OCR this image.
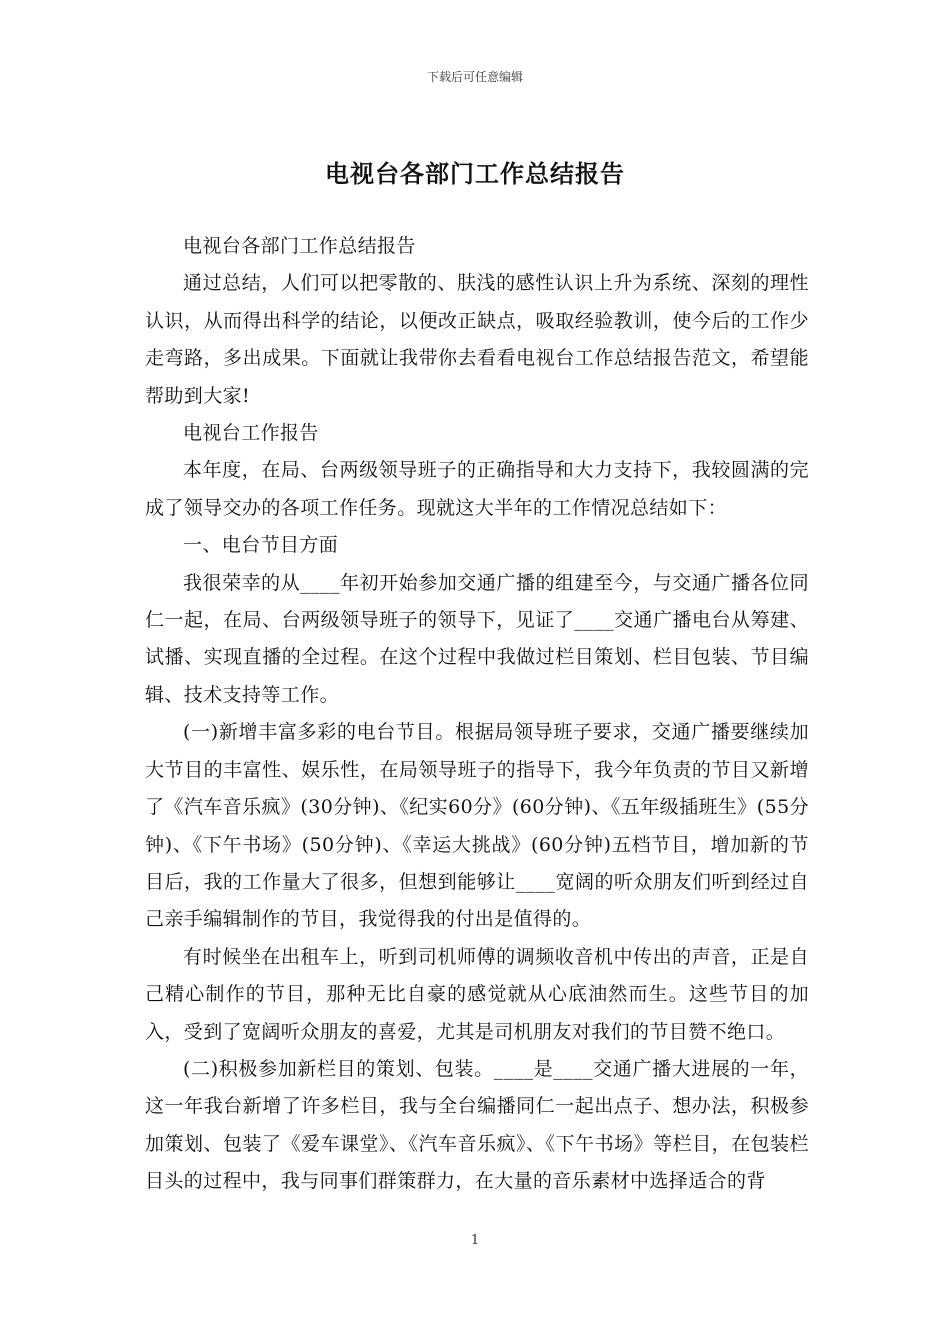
下载后可任意编辑
电视台各部门工作总结报告

电视台各部门工作总结报告

通过总结，人们可以把零散的、肤浅的感性认识上升为系统、深刻的理性认识，从而得出科学的结论，以便改正缺点，吸取经验教训，使今后的工作少走弯路，多出成果。下面就让我带你去看看电视台工作总结报告范文，希望能帮助到大家!

电视台工作报告

本年度，在局、台两级领导班子的正确指导和大力支持下，我较圆满的完成了领导交办的各项工作任务。现就这大半年的工作情况总结如下：

一、电台节目方面

我很荣幸的从____年初开始参加交通广播的组建至今，与交通广播各位同仁一起，在局、台两级领导班子的领导下，见证了____交通广播电台从筹建、试播、实现直播的全过程。在这个过程中我做过栏目策划、栏目包装、节目编辑、技术支持等工作。

(一)新增丰富多彩的电台节目。根据局领导班子要求，交通广播要继续加大节目的丰富性、娱乐性，在局领导班子的指导下，我今年负责的节目又新增了《汽车音乐疯》(30分钟)、《纪实60分》(60分钟)、《五年级插班生》(55分钟)、《下午书场》(50分钟)、《幸运大挑战》(60分钟)五档节目，增加新的节目后，我的工作量大了很多，但想到能够让____宽阔的听众朋友们听到经过自己亲手编辑制作的节目，我觉得我的付出是值得的。

有时候坐在出租车上，听到司机师傅的调频收音机中传出的声音，正是自己精心制作的节目，那种无比自豪的感觉就从心底油然而生。这些节目的加入，受到了宽阔听众朋友的喜爱，尤其是司机朋友对我们的节目赞不绝口。

(二)积极参加新栏目的策划、包装。____是____交通广播大进展的一年，这一年我台新增了许多栏目，我与全台编播同仁一起出点子、想办法，积极参加策划、包装了《爱车课堂》、《汽车音乐疯》、《下午书场》等栏目，在包装栏目头的过程中，我与同事们群策群力，在大量的音乐素材中选择适合的背

1
